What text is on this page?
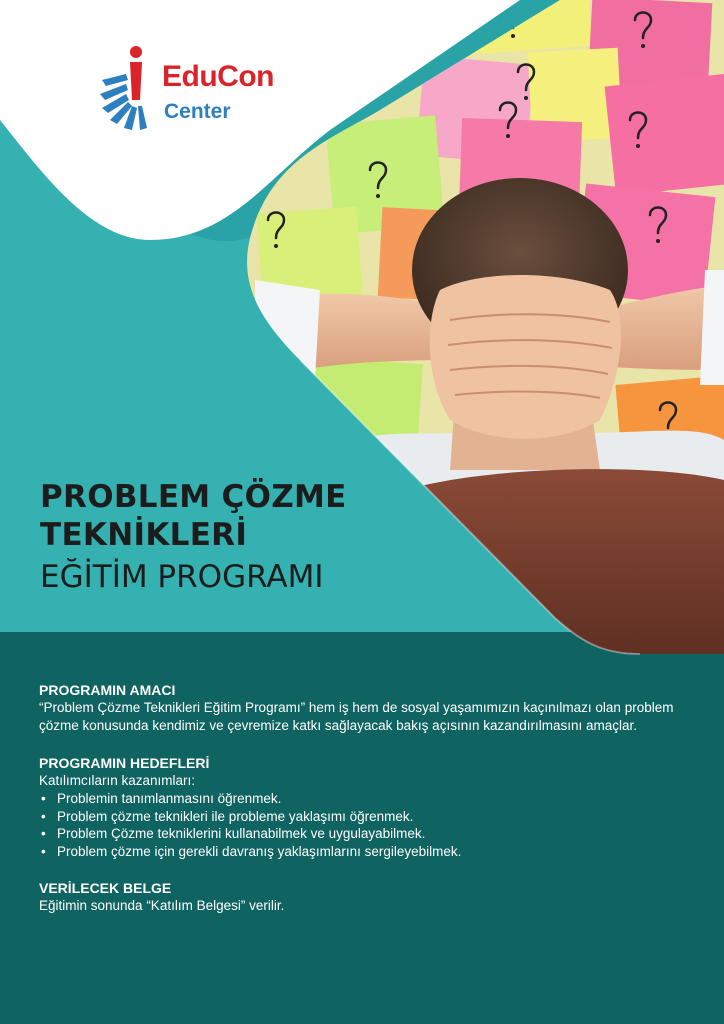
EduCon
Center
PROBLEM ÇÖZME
TEKNİKLERİ
EĞİTİM PROGRAMI
PROGRAMIN AMACI
“Problem Çözme Teknikleri Eğitim Programı” hem iş hem de sosyal yaşamımızın kaçınılmazı olan problem çözme konusunda kendimiz ve çevremize katkı sağlayacak bakış açısının kazandırılmasını amaçlar.
PROGRAMIN HEDEFLERİ
Katılımcıların kazanımları:
• Problemin tanımlanmasını öğrenmek.
• Problem çözme teknikleri ile probleme yaklaşımı öğrenmek.
• Problem Çözme tekniklerini kullanabilmek ve uygulayabilmek.
• Problem çözme için gerekli davranış yaklaşımlarını sergileyebilmek.
VERİLECEK BELGE
Eğitimin sonunda “Katılım Belgesi” verilir.
